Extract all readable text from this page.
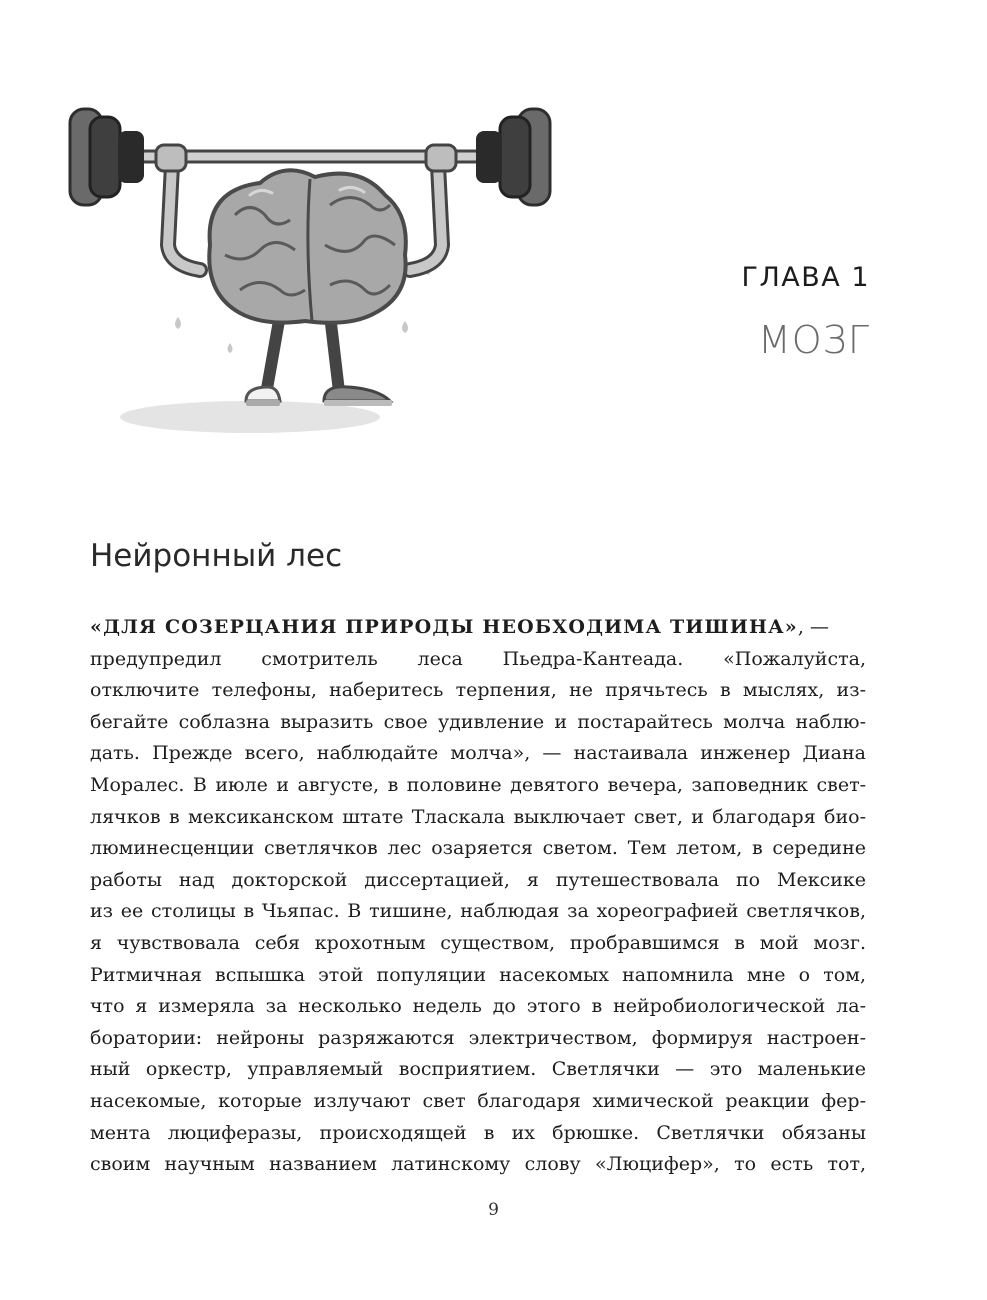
ГЛАВА 1
МОЗГ
Нейронный лес
«ДЛЯ СОЗЕРЦАНИЯ ПРИРОДЫ НЕОБХОДИМА ТИШИНА», —
предупредил смотритель леса Пьедра-Кантеада. «Пожалуйста,
отключите телефоны, наберитесь терпения, не прячьтесь в мыслях, из-
бегайте соблазна выразить свое удивление и постарайтесь молча наблю-
дать. Прежде всего, наблюдайте молча», — настаивала инженер Диана
Моралес. В июле и августе, в половине девятого вечера, заповедник свет-
лячков в мексиканском штате Тласкала выключает свет, и благодаря био-
люминесценции светлячков лес озаряется светом. Тем летом, в середине
работы над докторской диссертацией, я путешествовала по Мексике
из ее столицы в Чьяпас. В тишине, наблюдая за хореографией светлячков,
я чувствовала себя крохотным существом, пробравшимся в мой мозг.
Ритмичная вспышка этой популяции насекомых напомнила мне о том,
что я измеряла за несколько недель до этого в нейробиологической ла-
боратории: нейроны разряжаются электричеством, формируя настроен-
ный оркестр, управляемый восприятием. Светлячки — это маленькие
насекомые, которые излучают свет благодаря химической реакции фер-
мента люциферазы, происходящей в их брюшке. Светлячки обязаны
своим научным названием латинскому слову «Люцифер», то есть тот,
9
